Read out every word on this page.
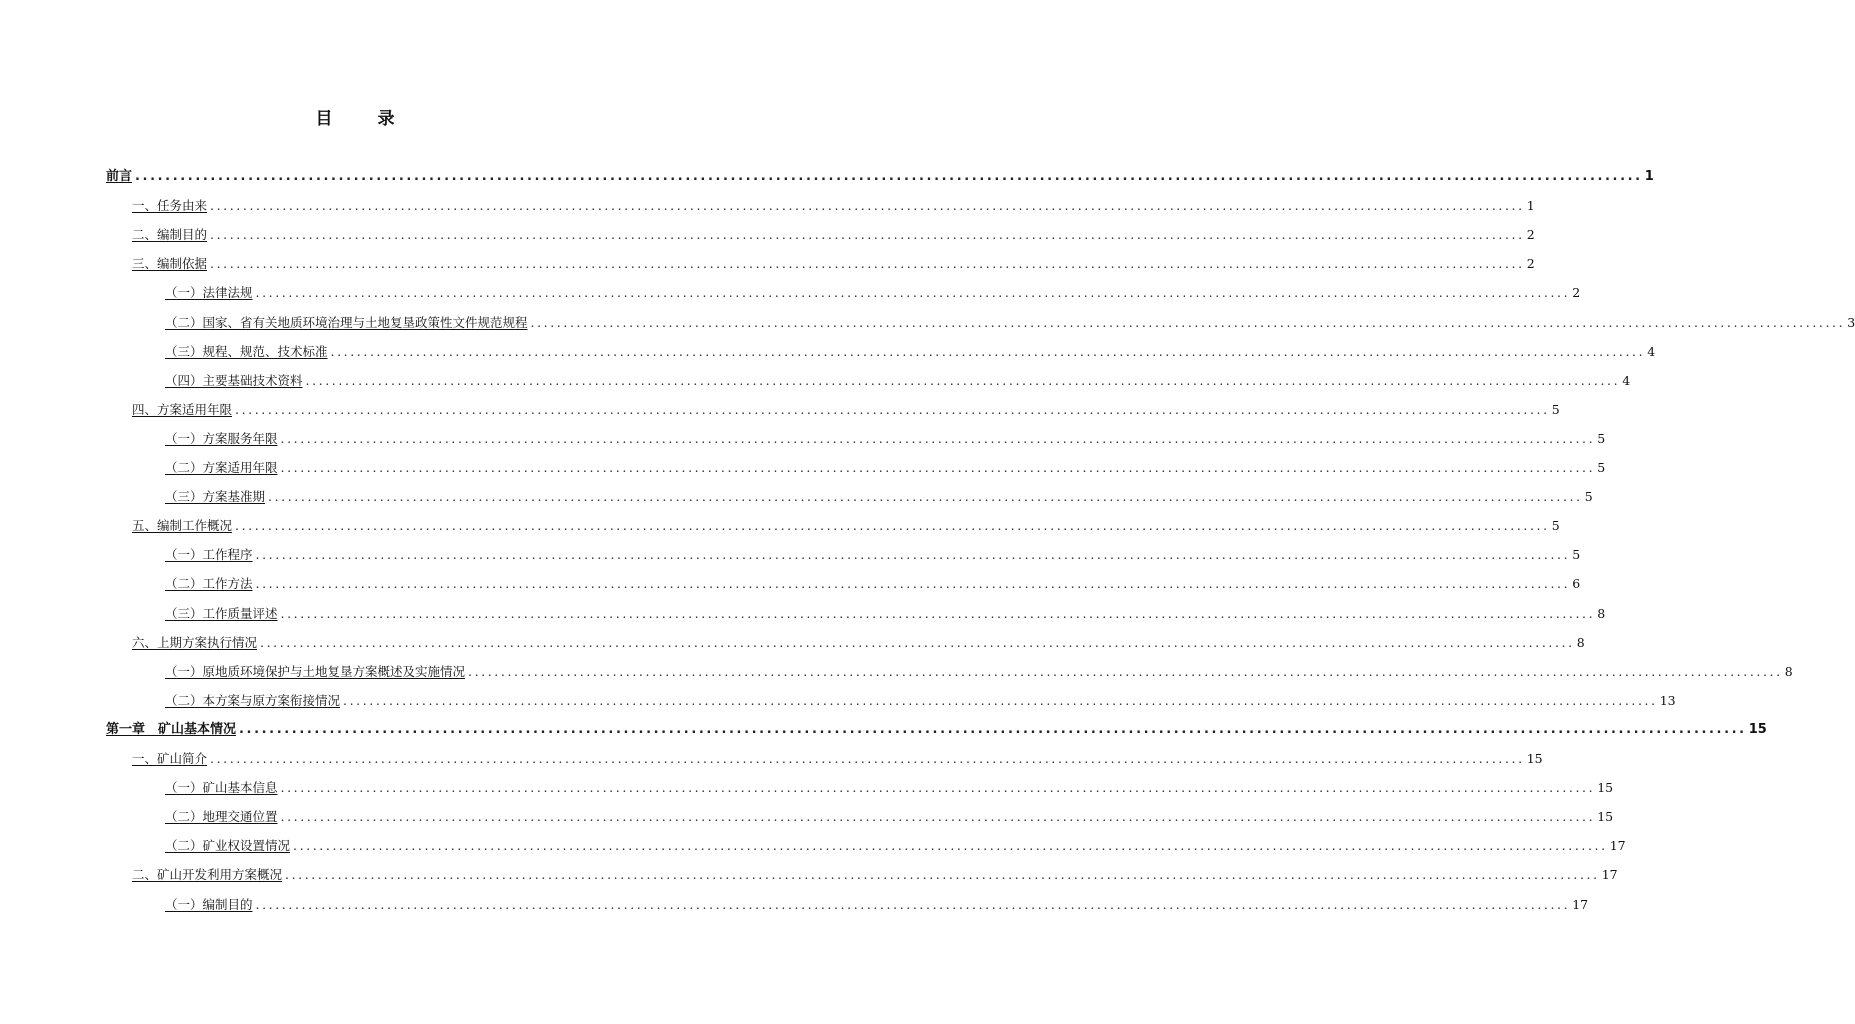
目　录
前言 ........................................................................................................................................................................................................ 1
一、任务由来 ........................................................................................................................................................................................................ 1
二、编制目的 ........................................................................................................................................................................................................ 2
三、编制依据 ........................................................................................................................................................................................................ 2
（一）法律法规 ........................................................................................................................................................................................................ 2
（二）国家、省有关地质环境治理与土地复垦政策性文件规范规程 ........................................................................................................................................................................................................ 3
（三）规程、规范、技术标准 ........................................................................................................................................................................................................ 4
（四）主要基础技术资料 ........................................................................................................................................................................................................ 4
四、方案适用年限 ........................................................................................................................................................................................................ 5
（一）方案服务年限 ........................................................................................................................................................................................................ 5
（二）方案适用年限 ........................................................................................................................................................................................................ 5
（三）方案基准期 ........................................................................................................................................................................................................ 5
五、编制工作概况 ........................................................................................................................................................................................................ 5
（一）工作程序 ........................................................................................................................................................................................................ 5
（二）工作方法 ........................................................................................................................................................................................................ 6
（三）工作质量评述 ........................................................................................................................................................................................................ 8
六、上期方案执行情况 ........................................................................................................................................................................................................ 8
（一）原地质环境保护与土地复垦方案概述及实施情况 ........................................................................................................................................................................................................ 8
（二）本方案与原方案衔接情况 ........................................................................................................................................................................................................ 13
第一章　矿山基本情况 ........................................................................................................................................................................................................ 15
一、矿山简介 ........................................................................................................................................................................................................ 15
（一）矿山基本信息 ........................................................................................................................................................................................................ 15
（二）地理交通位置 ........................................................................................................................................................................................................ 15
（二）矿业权设置情况 ........................................................................................................................................................................................................ 17
二、矿山开发利用方案概况 ........................................................................................................................................................................................................ 17
（一）编制目的 ........................................................................................................................................................................................................ 17
